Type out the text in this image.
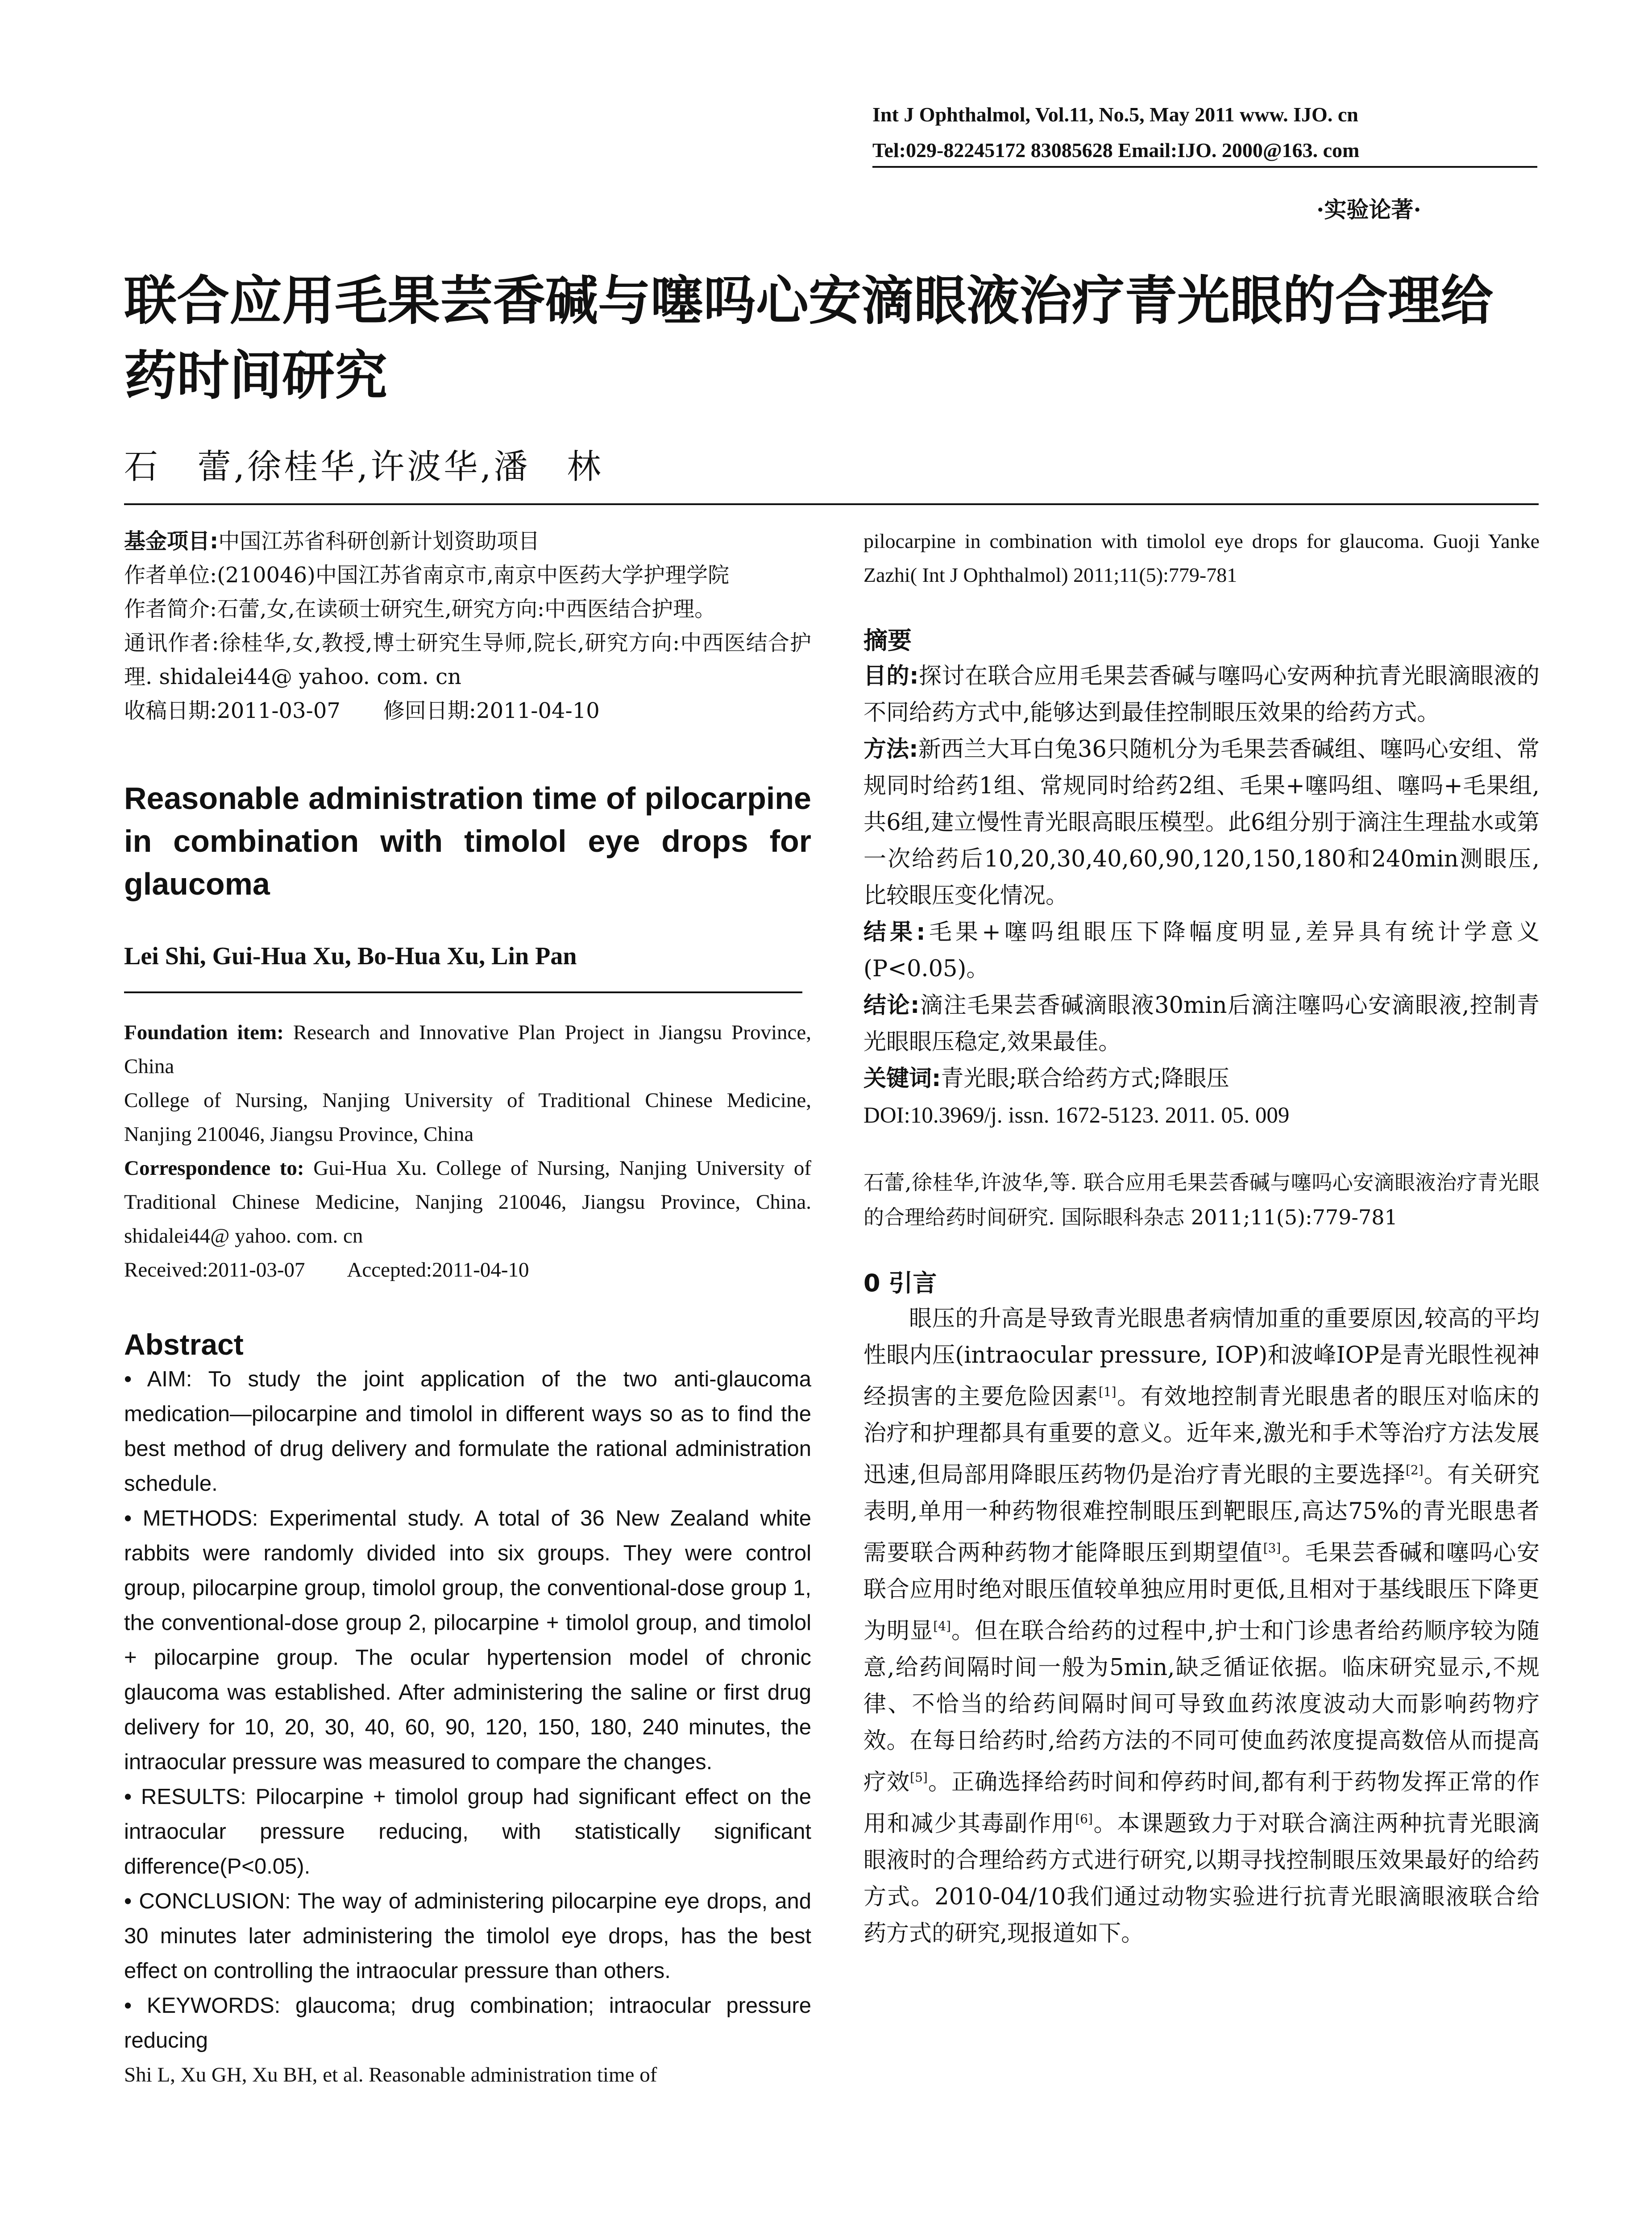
Int J Ophthalmol, Vol.11, No.5, May 2011 www. IJO. cn
Tel:029-82245172 83085628 Email:IJO. 2000@163. com
·实验论著·
联合应用毛果芸香碱与噻吗心安滴眼液治疗青光眼的合理给药时间研究
石　蕾,徐桂华,许波华,潘　林

基金项目:中国江苏省科研创新计划资助项目

作者单位:(210046)中国江苏省南京市,南京中医药大学护理学院

作者简介:石蕾,女,在读硕士研究生,研究方向:中西医结合护理。

通讯作者:徐桂华,女,教授,博士研究生导师,院长,研究方向:中西医结合护理. shidalei44@ yahoo. com. cn

收稿日期:2011-03-07　　修回日期:2011-04-10

Reasonable administration time of pilocarpine in combination with timolol eye drops for glaucoma
Lei Shi, Gui-Hua Xu, Bo-Hua Xu, Lin Pan

Foundation item: Research and Innovative Plan Project in Jiangsu Province, China

College of Nursing, Nanjing University of Traditional Chinese Medicine, Nanjing 210046, Jiangsu Province, China

Correspondence to: Gui-Hua Xu. College of Nursing, Nanjing University of Traditional Chinese Medicine, Nanjing 210046, Jiangsu Province, China. shidalei44@ yahoo. com. cn

Received:2011-03-07　　Accepted:2011-04-10

Abstract

• AIM: To study the joint application of the two anti-glaucoma medication—pilocarpine and timolol in different ways so as to find the best method of drug delivery and formulate the rational administration schedule.

• METHODS: Experimental study. A total of 36 New Zealand white rabbits were randomly divided into six groups. They were control group, pilocarpine group, timolol group, the conventional-dose group 1, the conventional-dose group 2, pilocarpine + timolol group, and timolol + pilocarpine group. The ocular hypertension model of chronic glaucoma was established. After administering the saline or first drug delivery for 10, 20, 30, 40, 60, 90, 120, 150, 180, 240 minutes, the intraocular pressure was measured to compare the changes.

• RESULTS: Pilocarpine + timolol group had significant effect on the intraocular pressure reducing, with statistically significant difference(P<0.05).

• CONCLUSION: The way of administering pilocarpine eye drops, and 30 minutes later administering the timolol eye drops, has the best effect on controlling the intraocular pressure than others.

• KEYWORDS: glaucoma; drug combination; intraocular pressure reducing

Shi L, Xu GH, Xu BH, et al. Reasonable administration time of
pilocarpine in combination with timolol eye drops for glaucoma. Guoji Yanke Zazhi( Int J Ophthalmol) 2011;11(5):779-781
摘要

目的:探讨在联合应用毛果芸香碱与噻吗心安两种抗青光眼滴眼液的不同给药方式中,能够达到最佳控制眼压效果的给药方式。

方法:新西兰大耳白兔36只随机分为毛果芸香碱组、噻吗心安组、常规同时给药1组、常规同时给药2组、毛果+噻吗组、噻吗+毛果组,共6组,建立慢性青光眼高眼压模型。此6组分别于滴注生理盐水或第一次给药后10,20,30,40,60,90,120,150,180和240min测眼压,比较眼压变化情况。

结果:毛果+噻吗组眼压下降幅度明显,差异具有统计学意义(P<0.05)。

结论:滴注毛果芸香碱滴眼液30min后滴注噻吗心安滴眼液,控制青光眼眼压稳定,效果最佳。

关键词:青光眼;联合给药方式;降眼压

DOI:10.3969/j. issn. 1672-5123. 2011. 05. 009

石蕾,徐桂华,许波华,等. 联合应用毛果芸香碱与噻吗心安滴眼液治疗青光眼的合理给药时间研究. 国际眼科杂志 2011;11(5):779-781
0 引言
眼压的升高是导致青光眼患者病情加重的重要原因,较高的平均性眼内压(intraocular pressure, IOP)和波峰IOP是青光眼性视神经损害的主要危险因素[1]。有效地控制青光眼患者的眼压对临床的治疗和护理都具有重要的意义。近年来,激光和手术等治疗方法发展迅速,但局部用降眼压药物仍是治疗青光眼的主要选择[2]。有关研究表明,单用一种药物很难控制眼压到靶眼压,高达75%的青光眼患者需要联合两种药物才能降眼压到期望值[3]。毛果芸香碱和噻吗心安联合应用时绝对眼压值较单独应用时更低,且相对于基线眼压下降更为明显[4]。但在联合给药的过程中,护士和门诊患者给药顺序较为随意,给药间隔时间一般为5min,缺乏循证依据。临床研究显示,不规律、不恰当的给药间隔时间可导致血药浓度波动大而影响药物疗效。在每日给药时,给药方法的不同可使血药浓度提高数倍从而提高疗效[5]。正确选择给药时间和停药时间,都有利于药物发挥正常的作用和减少其毒副作用[6]。本课题致力于对联合滴注两种抗青光眼滴眼液时的合理给药方式进行研究,以期寻找控制眼压效果最好的给药方式。2010-04/10我们通过动物实验进行抗青光眼滴眼液联合给药方式的研究,现报道如下。
